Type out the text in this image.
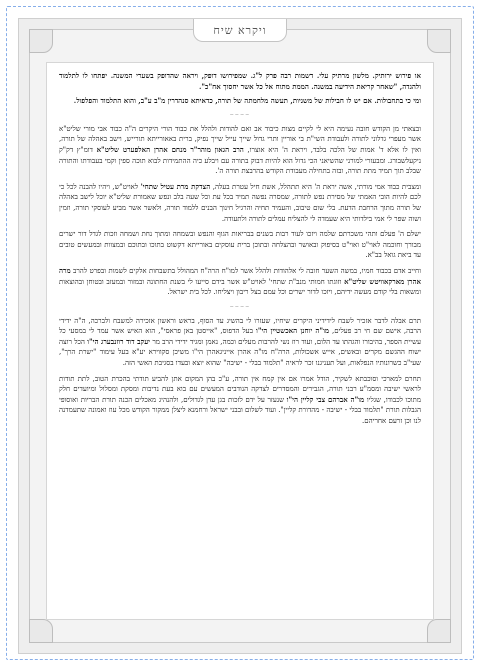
ויקרא שיח

או פירוש ירותיק. מלשון מרתיק עלי. דשמות רבה פרק ל"ג. שמפירושו דופק, ויראה שהדופק בשערי המשנה. יפתחו לו לתלמוד ולהגדה, "שאחר קריאת הידיעה במשנה. הממת מתוח אל כל אשר יחסוך אח"כ".

ומי כי בתחבולות. אם יש לו חבילות של משניות, תעשה מלחמתה של תורה, כדאיתא סנהדרין מ"ב ע"ב, והוא התלמוד והפלפול.

~~~~

ובצאתי מן הקודש חובה נעימה היא לי לקיים מצות כיבוד אב ואם להודות ולהלל את כבוד הורי היקרים ה"ה כבוד אבי מורי שליט"א אשר מעפרי גדלוני לתורה ולעבודת השי"ת בי אוריין ותרי גדול שייך עייל שייך נפיק, ברית באאורייתא תורייש, וישב באהלה של תורה, ואין לו אלא ד' אמות של הלכה בלבד, ויראת ה' היא אוצרו, הרב הגאון מוהר"ר מנחם אהרן האלפערט שליט"א דומ"ץ דק"ק ניקעלשבורג. ומבעזרי למורני שהשיאני הכי גדול הוא להיות דבוק בתורה עם ויבלע כיה ההתמידות לבוא תוכה ספין וקמי בעבודתו והתורה שבלב תוך תמיד מתת תורה, ובזה בתחילה מעבודת הקודש בהרבצת תורה ה'.

ומצבית כבוד אמי מורתי, אשה יראת ה' היא תתהלל, אשת חיל עטרת בעלה, הצדקת מרת עטיל שתחי' לאויט"ש, ויהיו להבנה לכל כי לכם להיות הובי האמתי של מסירת נפש לתורה, שמסרה נפשה תמיד בכל עת וכל שעה בלב ונפש שאמורת שליט"א יוכל לישב באהלה של תורה מתוך הרחבת הדעת. בלי שום טיבוב, והעמיד תחיה והרגיל חינוך הבנים ללמוד תורה, ולאשר אשר מביע לעוסקי תורה, וזמין ושוה שפר לי אמי בילדותי היא שעמדה לי להצליח עמלים לתורה ולתעודה.

ישלם ה' פעלם ותהי משכרתם שלמה ויזכו לעוד רבות בשנים בבריאות הגוף והנפש ובשמחה ומתוך נחת ושמחה וזכות לגדל דור ישרים מבורך וחוכמה לאוי"ט ואוי"ט בסיפוק ובאושר ובהצלחה ובתוכן ברית עוסקים באורייתא דקשוט בתוכו ובתוכם ובמצוות ובמעשים טובים עד ביאת גואל בב"א.

וחייב אדם בכבוד חמיו, במשה השער חובה לי אלהודות ולהלל אשר למו"ח הרה"ח המהולל בתשבחות אלקים לשמות ובפרט להרב מרה אהרן מארקאוויטש שליט"א וזוגתו חמותי מנב"ת שתחי' לאויט"ש אשר בידם סייעו לי בשנת החתונה ובמזור ובמעזב ובטוחן ובהוצאות ומשאות בלי קודם מעשה ידיהם, ויזכו לדור ישרים וכל עמם בצל ריבון ויצליחו. לכל בית ישראל.

~~~~

תרם אבלה לדבר אזכיר לשבח לידידיני היקרים שיחיו, שעזרו לי בהשיג עד הסוף, בראש וראשון אזכירה למשבח ולברכה, ה"ה ידידי הרבה, אישם שם חי רב פעלים, מו"ה יוחנן האכשטיין הי"ו בעל הדפוס, "אייסטן באן פראסי", הוא האיש אשר עמד לי במסעי כל עשיית הספר, בהיבורו והגהתו עד הלום, ועוד רוז נשי להרבות מעלים וכמה, נאמן ומגיד ידידי הרב מר יעקב דוד רוזנבערג הי"ו הכל רוצה ישוח ההגשם מקרים ובאשים, אייש אשכולות, הרה"ח מו"ה אהרן אייניגאהרן הי"ו משיכן סקווירא יע"א בעל עימוד "ישרת הרך", שעי"ב כשרונותיו הנפלאות, ועל תעניגנו זכר לראיה "תלמוד בבלי - ישיבה" שהוא יוצא ובעדו בסגיבת האשי הזה.

תחרם למארכי וסוכבתא לשקיר, הודל אמרו אם אין קמח אין תורה, ע"כ בהן המקום אתן להביע תודתי בהכרת הטוב, לתת תודות לראשי ישיבה ומסמ"ע רבני תורה, הגבירים והמסדרים לצדקה הנודבים המעשים עם בוא בעת נדיבות ומסקת ומסלול ומיועדים חלק מתוכו לכבודו, שגליו מו"ה אברהם צבי קליין הי"ו שנעזר על ידם לזכות בגן עדן לגדולים, ולהנהיג מאכלים הכנה תורת הבריות ואוסופי הגבלות תורת "תלמוד בבלי - ישיבה - מהדורת קליין". ועוד לשלום ובבני ישראל ורחמנא ליצלן ממקור הקודש מכל עוז ואמונה שתעמדנה לנו וכן זרעם אחריהם.
